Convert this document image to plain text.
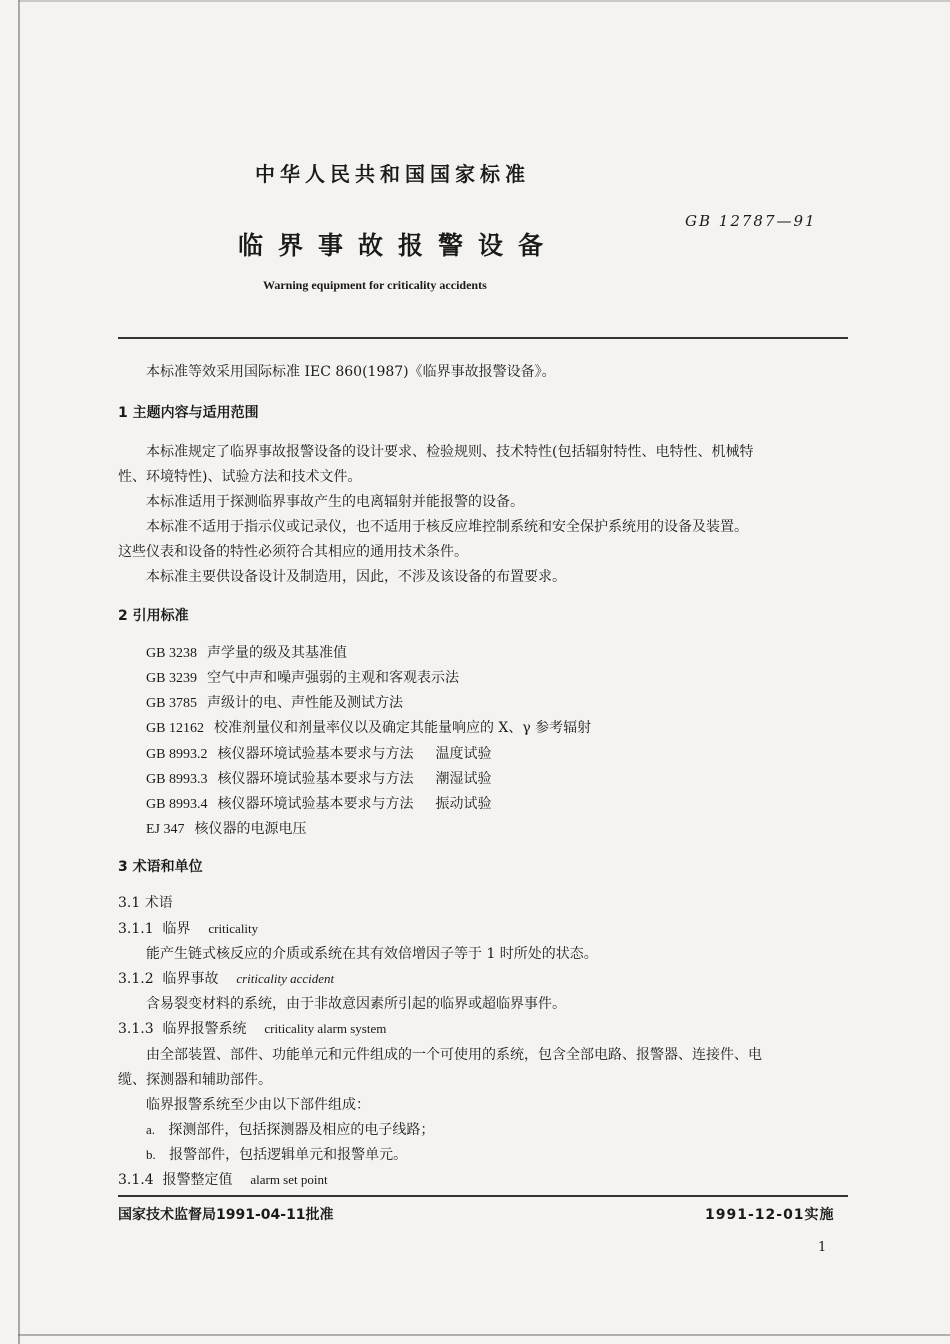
中华人民共和国国家标准
GB 12787—91
临界事故报警设备
Warning equipment for criticality accidents
本标准等效采用国际标准 IEC 860(1987)《临界事故报警设备》。
1 主题内容与适用范围
本标准规定了临界事故报警设备的设计要求、检验规则、技术特性(包括辐射特性、电特性、机械特
性、环境特性)、试验方法和技术文件。
本标准适用于探测临界事故产生的电离辐射并能报警的设备。
本标准不适用于指示仪或记录仪，也不适用于核反应堆控制系统和安全保护系统用的设备及装置。
这些仪表和设备的特性必须符合其相应的通用技术条件。
本标准主要供设备设计及制造用，因此，不涉及该设备的布置要求。
2 引用标准
GB 3238 声学量的级及其基准值
GB 3239 空气中声和噪声强弱的主观和客观表示法
GB 3785 声级计的电、声性能及测试方法
GB 12162 校准剂量仪和剂量率仪以及确定其能量响应的 X、γ 参考辐射
GB 8993.2 核仪器环境试验基本要求与方法 温度试验
GB 8993.3 核仪器环境试验基本要求与方法 潮湿试验
GB 8993.4 核仪器环境试验基本要求与方法 振动试验
EJ 347 核仪器的电源电压
3 术语和单位
3.1 术语
3.1.1 临界 criticality
能产生链式核反应的介质或系统在其有效倍增因子等于 1 时所处的状态。
3.1.2 临界事故 criticality accident
含易裂变材料的系统，由于非故意因素所引起的临界或超临界事件。
3.1.3 临界报警系统 criticality alarm system
由全部装置、部件、功能单元和元件组成的一个可使用的系统，包含全部电路、报警器、连接件、电
缆、探测器和辅助部件。
临界报警系统至少由以下部件组成：
a. 探测部件，包括探测器及相应的电子线路；
b. 报警部件，包括逻辑单元和报警单元。
3.1.4 报警整定值 alarm set point
国家技术监督局1991-04-11批准	1991-12-01实施
1
